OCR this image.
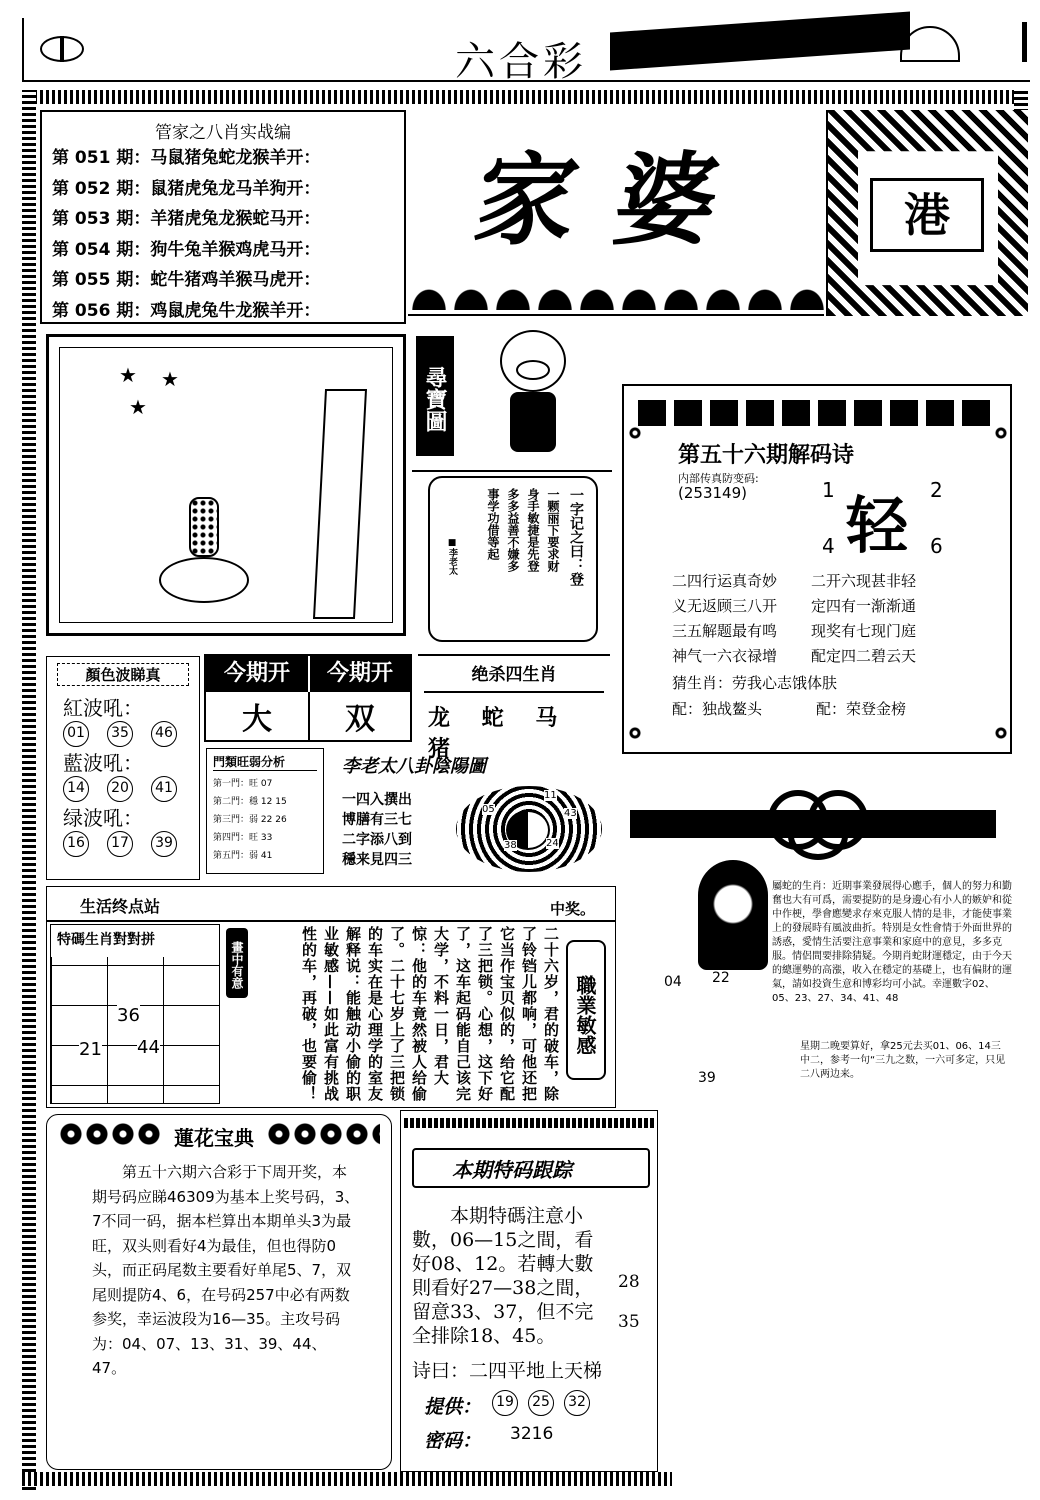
六合彩
管家之八肖实战编
第 051 期：马鼠猪兔蛇龙猴羊开：
第 052 期：鼠猪虎兔龙马羊狗开：
第 053 期：羊猪虎兔龙猴蛇马开：
第 054 期：狗牛兔羊猴鸡虎马开：
第 055 期：蛇牛猪鸡羊猴马虎开：
第 056 期：鸡鼠虎兔牛龙猴羊开：
家婆	港
★ ★
★	尋寶圖
一字记之曰：登
一颗丽下要求财
身手敏捷是先登
多多益善不嫌多
事学功借等起
■李老太
第五十六期解码诗
内部传真防变码:
(253149) 轻
1	2
4	6
二四行运真奇妙	二开六现甚非轻
义无返顾三八开	定四有一渐渐通
三五解题最有鸣	现奖有七现门庭
神气一六衣禄增	配定四二碧云天
猜生肖：劳我心志饿体肤
配：独战鳌头	配：荣登金榜
屬蛇的生肖：近期事業發展得心應手，個人的努力和勤奮也大有可爲，需要提防的是身邊心有小人的嫉妒和從中作梗，學會應變求存來克服人情的是非，才能使事業上的發展時有風波曲折。特別是女性會情于外面世界的誘惑，愛情生活要注意事業和家庭中的意見，多多克服。情侶間要排除猜疑。今期肖蛇財運穩定，由于今天的總運勢的高漲，收入在穩定的基礎上，也有偏財的運氣，請如投資生意和博彩均可小試。幸運數字02、05、23、27、34、41、48
04 22
39
星期二晚要算好，拿25元去买01、06、14三中二，参考一句“三九之数，一六可多定，只见二八两边来。
顏色波睇真
紅波吼：
01 35 46
藍波吼：
14 20 41
绿波吼：
16 17 39
今期开	今期开
大	双
绝杀四生肖
龙 蛇 马 猪
門類旺弱分析
第一門：旺 07
第二門：穩 12 15
第三門：弱 22 26
第四門：旺 33
第五門：弱 41
李老太八卦陰陽圖
一四入撰出
博膳有三七
二字添八到
穩来見四三
11
05	43
38	24
生活终点站	中奖。
特碼生肖對對拼
36
21 44
畫中有意	二十六岁，君的破车，除了铃铛儿都响，可他还把它当作宝贝似的，给它配了三把锁。心想，这下好了，这车起码能自己该完大学，不料一日，君大惊：他的车竟然被人给偷了。二十七岁上了三把锁的车实在是心理学的室友解释说：能触动小偷的职业敏感——如此富有挑战性的车，再破，也要偷！	職業敏感
蓮花宝典
第五十六期六合彩于下周开奖，本期号码应睇46309为基本上奖号码，3、7不同一码，据本栏算出本期单头3为最旺，双头则看好4为最佳，但也得防0头，而正码尾数主要看好单尾5、7，双尾则提防4、6，在号码257中必有两数参奖，幸运波段为16—35。主攻号码为：04、07、13、31、39、44、47。
本期特码跟踪
本期特碼注意小數，06—15之間，看好08、12。若轉大數則看好27—38之間，留意33、37，但不完全排除18、45。
28
35
诗曰：二四平地上天梯
提供： 19 25 32
密码： 3216
